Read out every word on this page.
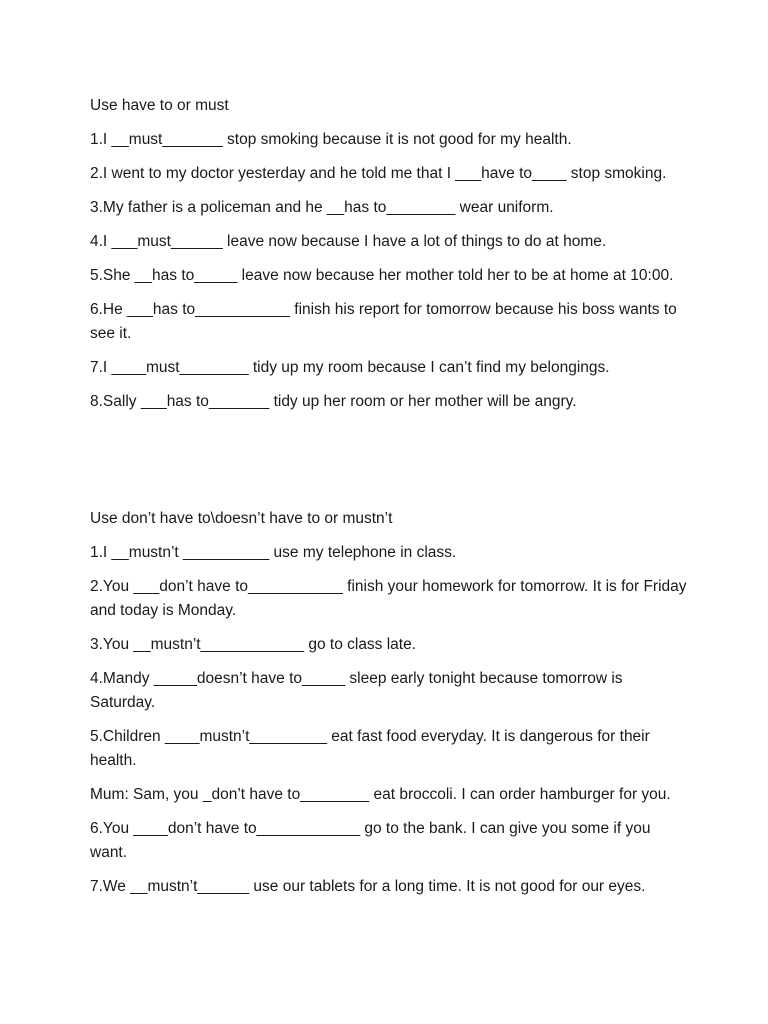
Use have to or must

1.I __must_______ stop smoking because it is not good for my health.

2.I went to my doctor yesterday and he told me that I ___have to____ stop smoking.

3.My father is a policeman and he __has to________ wear uniform.

4.I ___must______ leave now because I have a lot of things to do at home.

5.She __has to_____ leave now because her mother told her to be at home at 10:00.

6.He ___has to___________ finish his report for tomorrow because his boss wants to see it.

7.I ____must________ tidy up my room because I can’t find my belongings.

8.Sally ___has to_______ tidy up her room or her mother will be angry.

Use don’t have to\doesn’t have to or mustn’t

1.I __mustn’t __________ use my telephone in class.

2.You ___don’t have to___________ finish your homework for tomorrow. It is for Friday and today is Monday.

3.You __mustn’t____________ go to class late.

4.Mandy _____doesn’t have to_____ sleep early tonight because tomorrow is Saturday.

5.Children ____mustn’t_________ eat fast food everyday. It is dangerous for their health.

Mum: Sam, you _don’t have to________ eat broccoli. I can order hamburger for you.

6.You ____don’t have to____________ go to the bank. I can give you some if you want.

7.We __mustn’t______ use our tablets for a long time. It is not good for our eyes.
